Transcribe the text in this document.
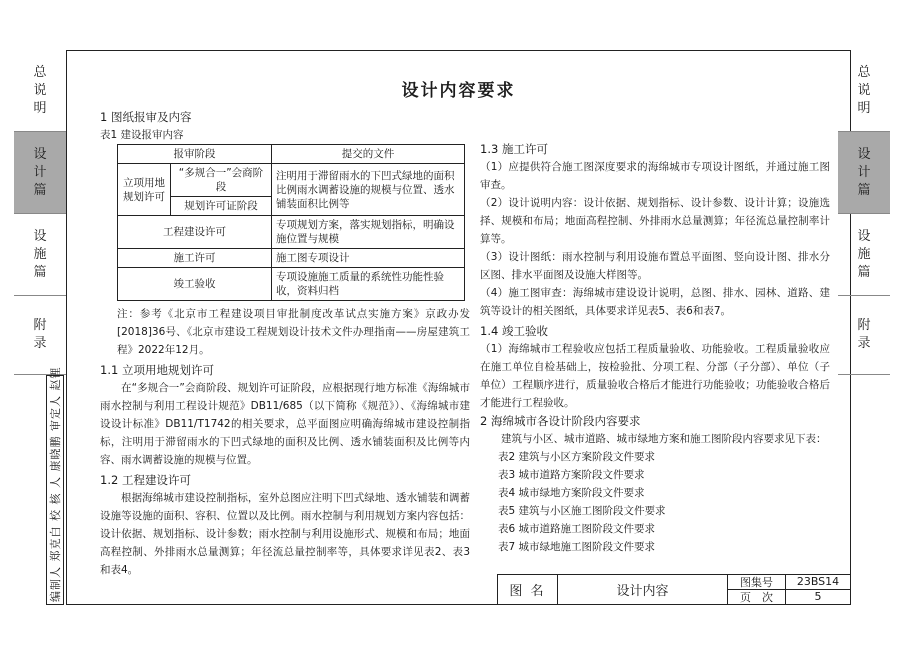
总说明
设计篇
设施篇
附录
总说明
设计篇
设施篇
附录
编制人 郑克白 校 核 人 康晓鹏 审定人 赵锂
设计内容要求

1 图纸报审及内容

表1 建设报审内容

报审阶段		提交的文件
立项用地规划许可	“多规合一”会商阶段	注明用于滞留雨水的下凹式绿地的面积比例雨水调蓄设施的规模与位置、透水铺装面积比例等
	规划许可证阶段	
工程建设许可		专项规划方案，落实规划指标，明确设施位置与规模
施工许可		施工图专项设计
竣工验收		专项设施施工质量的系统性功能性验收，资料归档

注：参考《北京市工程建设项目审批制度改革试点实施方案》京政办发[2018]36号、《北京市建设工程规划设计技术文件办理指南——房屋建筑工程》2022年12月。

1.1 立项用地规划许可

在“多规合一”会商阶段、规划许可证阶段，应根据现行地方标准《海绵城市雨水控制与利用工程设计规范》DB11/685（以下简称《规范》）、《海绵城市建设设计标准》DB11/T1742的相关要求，总平面图应明确海绵城市建设控制指标，注明用于滞留雨水的下凹式绿地的面积及比例、透水铺装面积及比例等内容、雨水调蓄设施的规模与位置。

1.2 工程建设许可

根据海绵城市建设控制指标，室外总图应注明下凹式绿地、透水铺装和调蓄设施等设施的面积、容积、位置以及比例。雨水控制与利用规划方案内容包括：设计依据、规划指标、设计参数；雨水控制与利用设施形式、规模和布局；地面高程控制、外排雨水总量测算；年径流总量控制率等，具体要求详见表2、表3和表4。

1.3 施工许可

（1）应提供符合施工图深度要求的海绵城市专项设计图纸，并通过施工图审查。

（2）设计说明内容：设计依据、规划指标、设计参数、设计计算；设施选择、规模和布局；地面高程控制、外排雨水总量测算；年径流总量控制率计算等。

（3）设计图纸：雨水控制与利用设施布置总平面图、竖向设计图、排水分区图、排水平面图及设施大样图等。

（4）施工图审查：海绵城市建设设计说明，总图、排水、园林、道路、建筑等设计的相关图纸，具体要求详见表5、表6和表7。

1.4 竣工验收

（1）海绵城市工程验收应包括工程质量验收、功能验收。工程质量验收应在施工单位自检基础上，按检验批、分项工程、分部（子分部）、单位（子单位）工程顺序进行，质量验收合格后才能进行功能验收；功能验收合格后才能进行工程验收。

2 海绵城市各设计阶段内容要求

建筑与小区、城市道路、城市绿地方案和施工图阶段内容要求见下表：

表2 建筑与小区方案阶段文件要求

表3 城市道路方案阶段文件要求

表4 城市绿地方案阶段文件要求

表5 建筑与小区施工图阶段文件要求

表6 城市道路施工图阶段文件要求

表7 城市绿地施工图阶段文件要求

图 名	设计内容
图集号	23BS14
页　次	5
